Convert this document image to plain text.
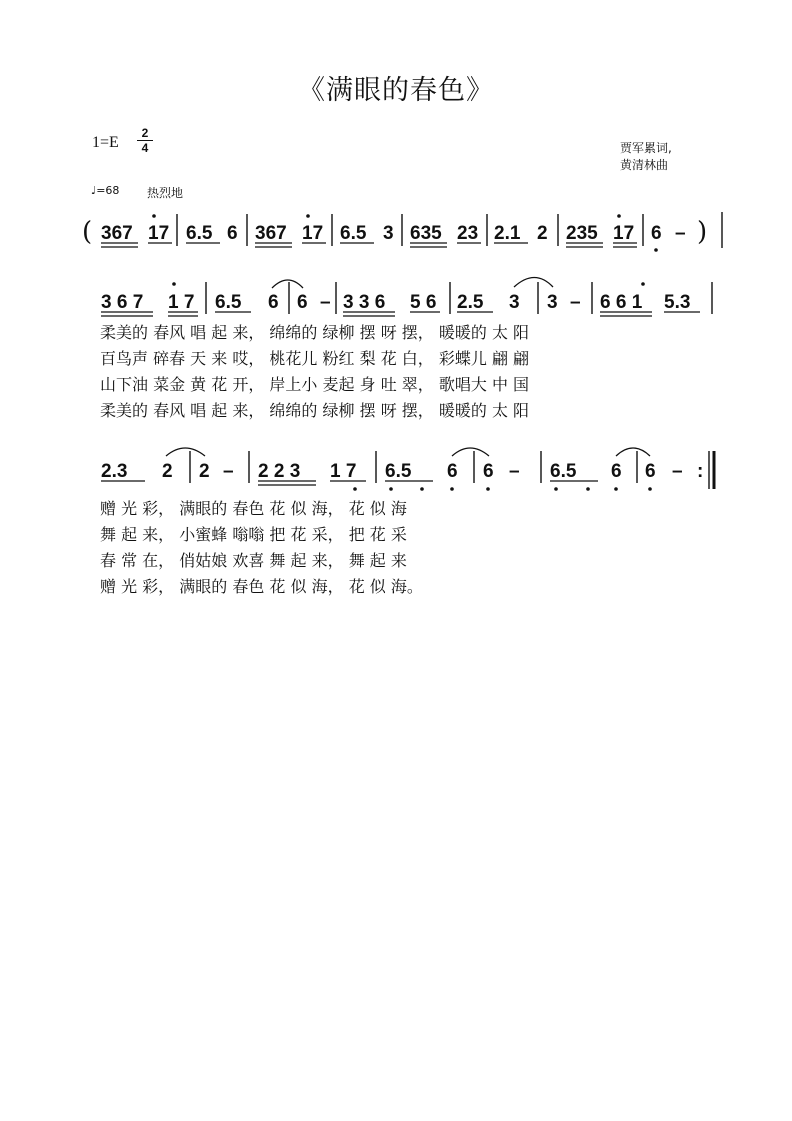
《满眼的春色》
1=E
2
4	贾军累词,
黄清林曲
♩=68 热烈地
( 367 17 6.5 6 367 17 6.5 3 635 23 2.1 2 235 17 6 – )
3 6 7 1 7 6.5 6 6 – 3 3 6 5 6 2.5 3 3 – 6 6 1 5.3
2.3 2 2 – 2 2 3 1 7 6.5 6 6 – 6.5 6 6 – :
柔美的 春风 唱 起 来， 绵绵的 绿柳 摆 呀 摆， 暖暖的 太 阳
百鸟声 碎春 天 来 哎， 桃花儿 粉红 梨 花 白， 彩蝶儿 翩 翩
山下油 菜金 黄 花 开， 岸上小 麦起 身 吐 翠， 歌唱大 中 国
柔美的 春风 唱 起 来， 绵绵的 绿柳 摆 呀 摆， 暖暖的 太 阳
赠 光 彩， 满眼的 春色 花 似 海， 花 似 海
舞 起 来， 小蜜蜂 嗡嗡 把 花 采， 把 花 采
春 常 在， 俏姑娘 欢喜 舞 起 来， 舞 起 来
赠 光 彩， 满眼的 春色 花 似 海， 花 似 海。
